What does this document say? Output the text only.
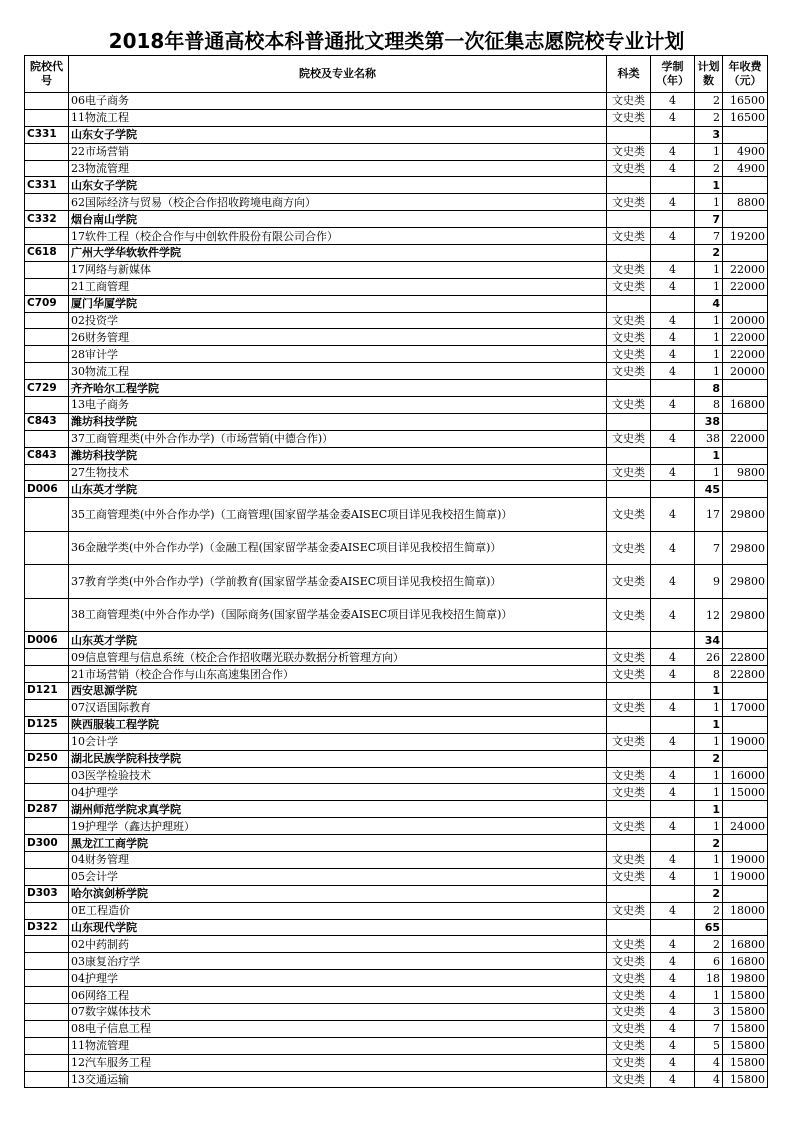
2018年普通高校本科普通批文理类第一次征集志愿院校专业计划
院校代号	院校及专业名称	科类	学制（年）	计划数	年收费（元）
	06电子商务	文史类	4	2	16500
	11物流工程	文史类	4	2	16500
C331	山东女子学院			3	
	22市场营销	文史类	4	1	4900
	23物流管理	文史类	4	2	4900
C331	山东女子学院			1	
	62国际经济与贸易（校企合作招收跨境电商方向）	文史类	4	1	8800
C332	烟台南山学院			7	
	17软件工程（校企合作与中创软件股份有限公司合作）	文史类	4	7	19200
C618	广州大学华软软件学院			2	
	17网络与新媒体	文史类	4	1	22000
	21工商管理	文史类	4	1	22000
C709	厦门华厦学院			4	
	02投资学	文史类	4	1	20000
	26财务管理	文史类	4	1	22000
	28审计学	文史类	4	1	22000
	30物流工程	文史类	4	1	20000
C729	齐齐哈尔工程学院			8	
	13电子商务	文史类	4	8	16800
C843	潍坊科技学院			38	
	37工商管理类(中外合作办学)（市场营销(中德合作)）	文史类	4	38	22000
C843	潍坊科技学院			1	
	27生物技术	文史类	4	1	9800
D006	山东英才学院			45	
	35工商管理类(中外合作办学)（工商管理(国家留学基金委AISEC项目详见我校招生简章)）	文史类	4	17	29800
	36金融学类(中外合作办学)（金融工程(国家留学基金委AISEC项目详见我校招生简章)）	文史类	4	7	29800
	37教育学类(中外合作办学)（学前教育(国家留学基金委AISEC项目详见我校招生简章)）	文史类	4	9	29800
	38工商管理类(中外合作办学)（国际商务(国家留学基金委AISEC项目详见我校招生简章)）	文史类	4	12	29800
D006	山东英才学院			34	
	09信息管理与信息系统（校企合作招收曙光联办数据分析管理方向）	文史类	4	26	22800
	21市场营销（校企合作与山东高速集团合作）	文史类	4	8	22800
D121	西安思源学院			1	
	07汉语国际教育	文史类	4	1	17000
D125	陕西服装工程学院			1	
	10会计学	文史类	4	1	19000
D250	湖北民族学院科技学院			2	
	03医学检验技术	文史类	4	1	16000
	04护理学	文史类	4	1	15000
D287	湖州师范学院求真学院			1	
	19护理学（鑫达护理班）	文史类	4	1	24000
D300	黑龙江工商学院			2	
	04财务管理	文史类	4	1	19000
	05会计学	文史类	4	1	19000
D303	哈尔滨剑桥学院			2	
	0E工程造价	文史类	4	2	18000
D322	山东现代学院			65	
	02中药制药	文史类	4	2	16800
	03康复治疗学	文史类	4	6	16800
	04护理学	文史类	4	18	19800
	06网络工程	文史类	4	1	15800
	07数字媒体技术	文史类	4	3	15800
	08电子信息工程	文史类	4	7	15800
	11物流管理	文史类	4	5	15800
	12汽车服务工程	文史类	4	4	15800
	13交通运输	文史类	4	4	15800
